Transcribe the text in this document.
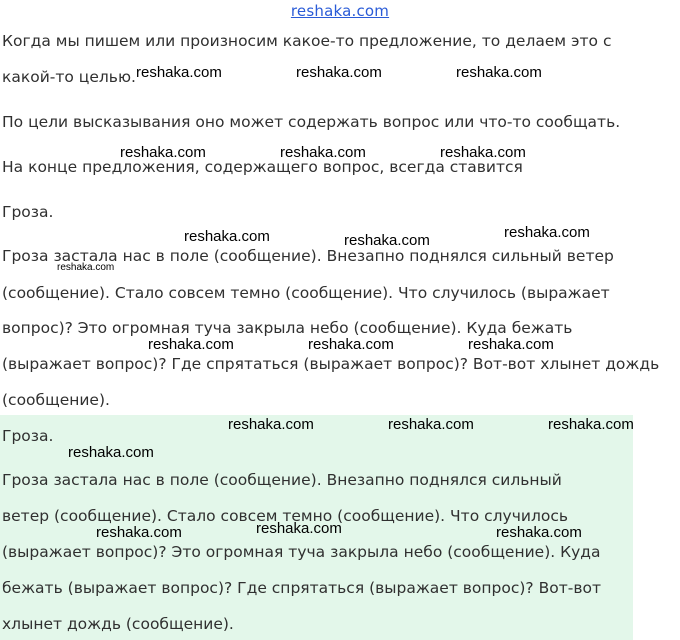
reshaka.com
Когда мы пишем или произносим какое-то предложение, то делаем это с
какой-то целью.
По цели высказывания оно может содержать вопрос или что-то сообщать.
На конце предложения, содержащего вопрос, всегда ставится
Гроза.
Гроза застала нас в поле (сообщение). Внезапно поднялся сильный ветер
(сообщение). Стало совсем темно (сообщение). Что случилось (выражает
вопрос)? Это огромная туча закрыла небо (сообщение). Куда бежать
(выражает вопрос)? Где спрятаться (выражает вопрос)? Вот-вот хлынет дождь
(сообщение).
Гроза.
Гроза застала нас в поле (сообщение). Внезапно поднялся сильный
ветер (сообщение). Стало совсем темно (сообщение). Что случилось
(выражает вопрос)? Это огромная туча закрыла небо (сообщение). Куда
бежать (выражает вопрос)? Где спрятаться (выражает вопрос)? Вот-вот
хлынет дождь (сообщение).
reshaka.com	reshaka.com	reshaka.com
reshaka.com	reshaka.com	reshaka.com
reshaka.com	reshaka.com	reshaka.com
reshaka.com
reshaka.com	reshaka.com	reshaka.com
reshaka.com	reshaka.com	reshaka.com
reshaka.com
reshaka.com	reshaka.com	reshaka.com
